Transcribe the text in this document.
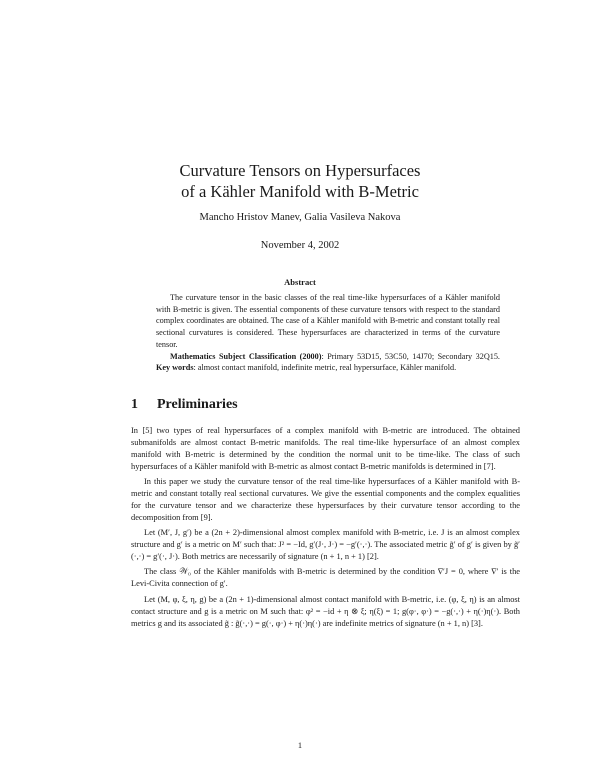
Curvature Tensors on Hypersurfaces
of a Kähler Manifold with B-Metric
Mancho Hristov Manev, Galia Vasileva Nakova
November 4, 2002
Abstract

The curvature tensor in the basic classes of the real time-like hypersurfaces of a Kähler manifold with B-metric is given. The essential components of these curvature tensors with respect to the standard complex coordinates are obtained. The case of a Kähler manifold with B-metric and constant totally real sectional curvatures is considered. These hypersurfaces are characterized in terms of the curvature tensor.

Mathematics Subject Classification (2000): Primary 53D15, 53C50, 14J70; Secondary 32Q15. Key words: almost contact manifold, indefinite metric, real hypersurface, Kähler manifold.

1 Preliminaries

In [5] two types of real hypersurfaces of a complex manifold with B-metric are introduced. The obtained submanifolds are almost contact B-metric manifolds. The real time-like hypersurface of an almost complex manifold with B-metric is determined by the condition the normal unit to be time-like. The class of such hypersurfaces of a Kähler manifold with B-metric as almost contact B-metric manifolds is determined in [7].

In this paper we study the curvature tensor of the real time-like hypersurfaces of a Kähler manifold with B-metric and constant totally real sectional curvatures. We give the essential components and the complex equalities for the curvature tensor and we characterize these hypersurfaces by their curvature tensor according to the decomposition from [9].

Let (M′, J, g′) be a (2n + 2)-dimensional almost complex manifold with B-metric, i.e. J is an almost complex structure and g′ is a metric on M′ such that: J² = −Id, g′(J·, J·) = −g′(·,·). The associated metric g̃′ of g′ is given by g̃′(·,·) = g′(·, J·). Both metrics are necessarily of signature (n + 1, n + 1) [2].

The class 𝒲₀ of the Kähler manifolds with B-metric is determined by the condition ∇′J = 0, where ∇′ is the Levi-Civita connection of g′.

Let (M, φ, ξ, η, g) be a (2n + 1)-dimensional almost contact manifold with B-metric, i.e. (φ, ξ, η) is an almost contact structure and g is a metric on M such that: φ² = −id + η ⊗ ξ; η(ξ) = 1; g(φ·, φ·) = −g(·,·) + η(·)η(·). Both metrics g and its associated g̃ : g̃(·,·) = g(·, φ·) + η(·)η(·) are indefinite metrics of signature (n + 1, n) [3].

1
